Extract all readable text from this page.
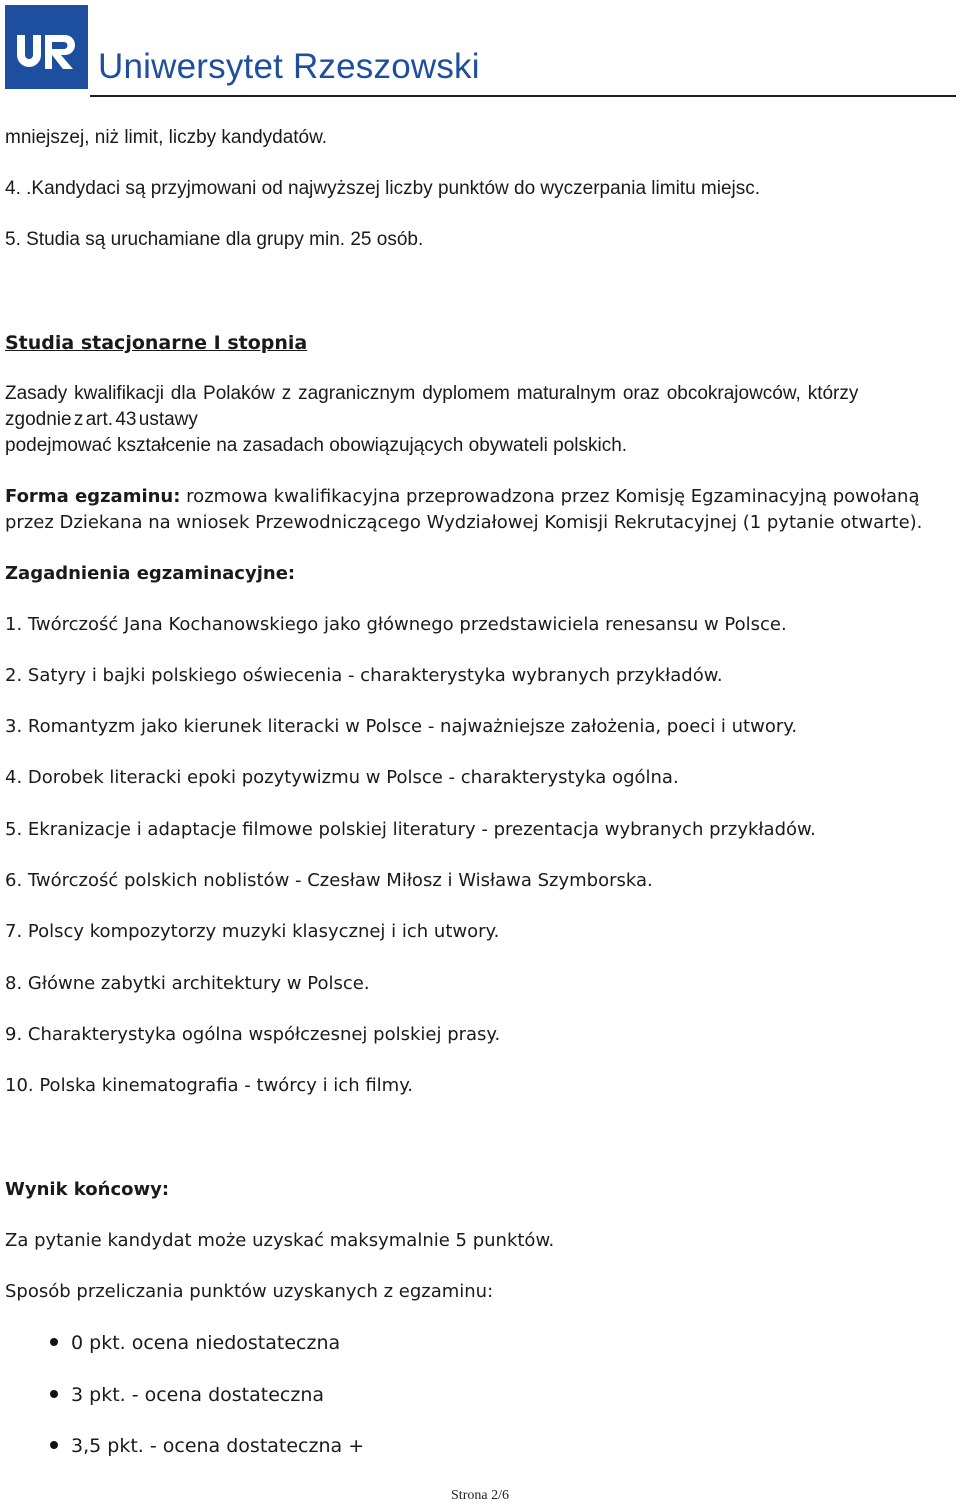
Uniwersytet Rzeszowski
mniejszej, niż limit, liczby kandydatów.
4. .Kandydaci są przyjmowani od najwyższej liczby punktów do wyczerpania limitu miejsc.
5. Studia są uruchamiane dla grupy min. 25 osób.
Studia stacjonarne I stopnia
Zasady kwalifikacji dla Polaków z zagranicznym dyplomem maturalnym oraz obcokrajowców, którzy
zgodnie z art. 43 ustawy
podejmować kształcenie na zasadach obowiązujących obywateli polskich.
Forma egzaminu: rozmowa kwalifikacyjna przeprowadzona przez Komisję Egzaminacyjną powołaną przez Dziekana na wniosek Przewodniczącego Wydziałowej Komisji Rekrutacyjnej (1 pytanie otwarte).
Zagadnienia egzaminacyjne:
1. Twórczość Jana Kochanowskiego jako głównego przedstawiciela renesansu w Polsce.
2. Satyry i bajki polskiego oświecenia - charakterystyka wybranych przykładów.
3. Romantyzm jako kierunek literacki w Polsce - najważniejsze założenia, poeci i utwory.
4. Dorobek literacki epoki pozytywizmu w Polsce - charakterystyka ogólna.
5. Ekranizacje i adaptacje filmowe polskiej literatury - prezentacja wybranych przykładów.
6. Twórczość polskich noblistów - Czesław Miłosz i Wisława Szymborska.
7. Polscy kompozytorzy muzyki klasycznej i ich utwory.
8. Główne zabytki architektury w Polsce.
9. Charakterystyka ogólna współczesnej polskiej prasy.
10. Polska kinematografia - twórcy i ich filmy.
Wynik końcowy:
Za pytanie kandydat może uzyskać maksymalnie 5 punktów.
Sposób przeliczania punktów uzyskanych z egzaminu:
0 pkt. ocena niedostateczna
3 pkt. - ocena dostateczna
3,5 pkt. - ocena dostateczna +
Strona 2/6
